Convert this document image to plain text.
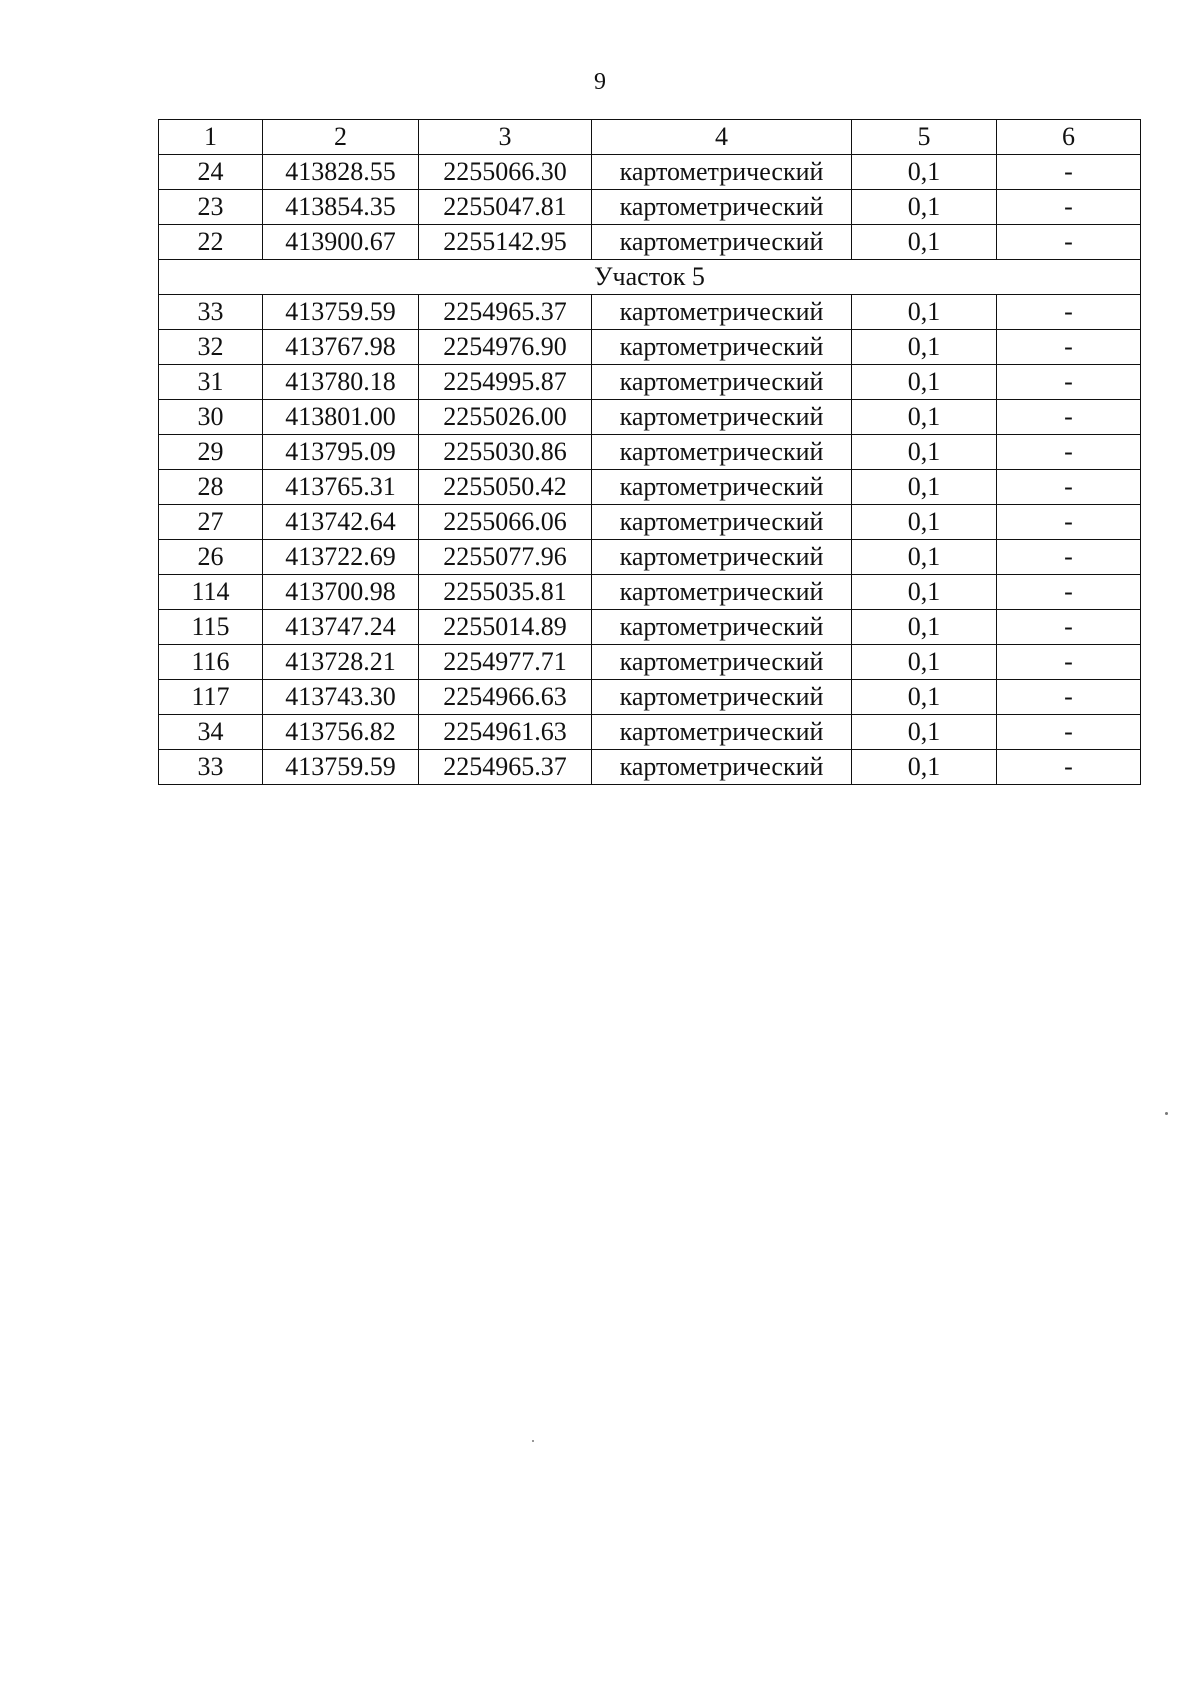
9
1	2	3	4	5	6
24	413828.55	2255066.30	картометрический	0,1	-
23	413854.35	2255047.81	картометрический	0,1	-
22	413900.67	2255142.95	картометрический	0,1	-
Участок 5					
33	413759.59	2254965.37	картометрический	0,1	-
32	413767.98	2254976.90	картометрический	0,1	-
31	413780.18	2254995.87	картометрический	0,1	-
30	413801.00	2255026.00	картометрический	0,1	-
29	413795.09	2255030.86	картометрический	0,1	-
28	413765.31	2255050.42	картометрический	0,1	-
27	413742.64	2255066.06	картометрический	0,1	-
26	413722.69	2255077.96	картометрический	0,1	-
114	413700.98	2255035.81	картометрический	0,1	-
115	413747.24	2255014.89	картометрический	0,1	-
116	413728.21	2254977.71	картометрический	0,1	-
117	413743.30	2254966.63	картометрический	0,1	-
34	413756.82	2254961.63	картометрический	0,1	-
33	413759.59	2254965.37	картометрический	0,1	-
